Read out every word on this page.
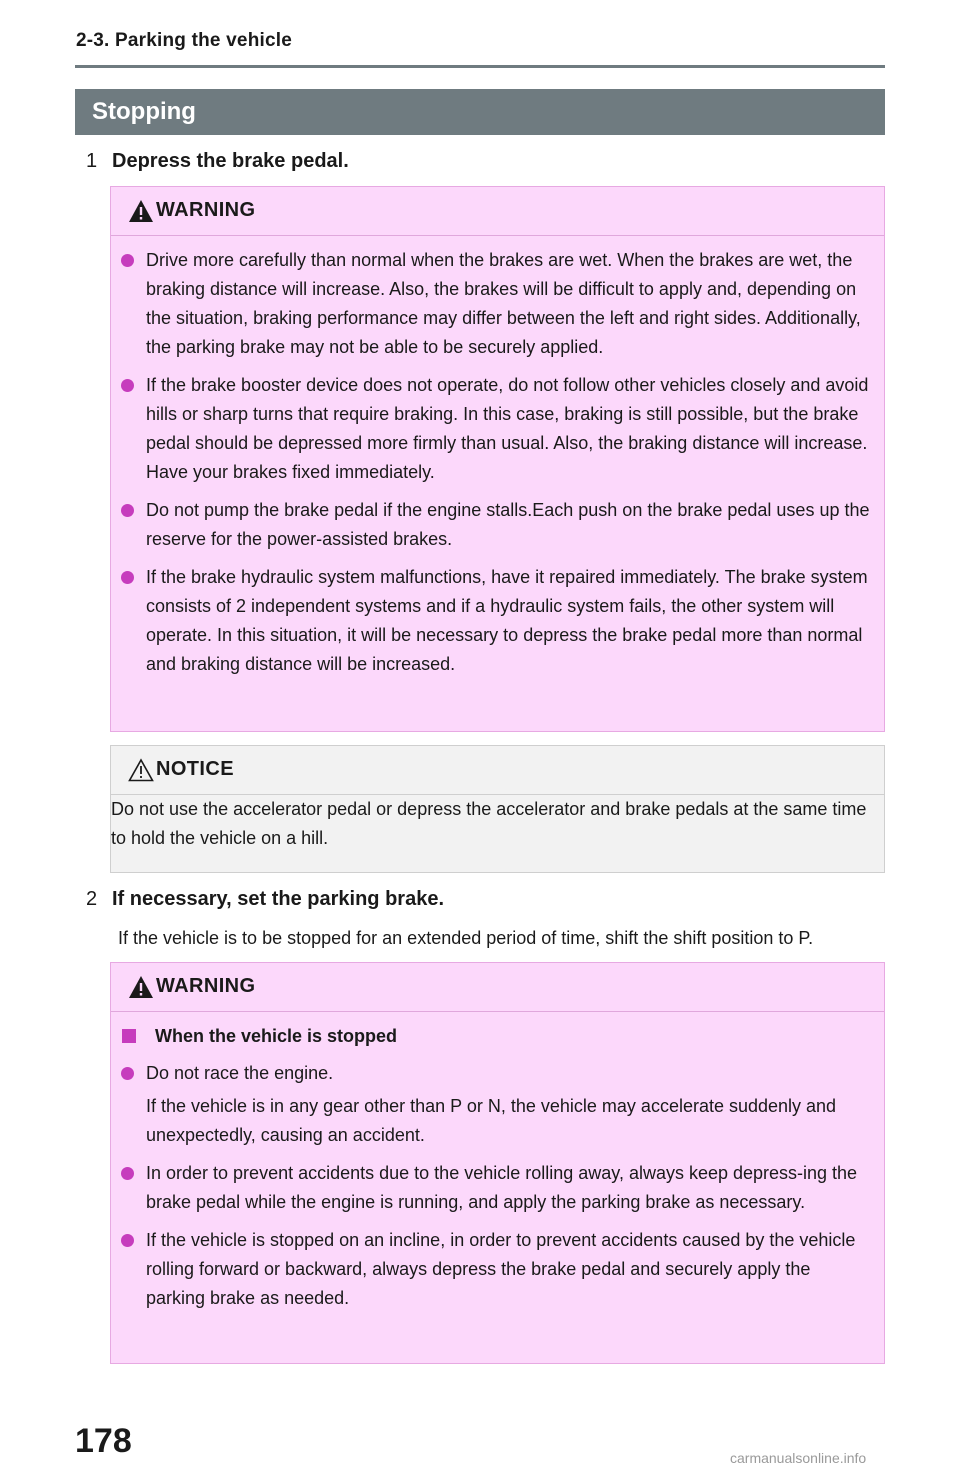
2-3. Parking the vehicle
Stopping
1 Depress the brake pedal.
WARNING
Drive more carefully than normal when the brakes are wet. When the brakes are wet, the braking distance will increase. Also, the brakes will be difficult to apply and, depending on the situation, braking performance may differ between the left and right sides. Additionally, the parking brake may not be able to be securely applied.
If the brake booster device does not operate, do not follow other vehicles closely and avoid hills or sharp turns that require braking. In this case, braking is still possible, but the brake pedal should be depressed more firmly than usual. Also, the braking distance will increase. Have your brakes fixed immediately.
Do not pump the brake pedal if the engine stalls.Each push on the brake pedal uses up the reserve for the power-assisted brakes.
If the brake hydraulic system malfunctions, have it repaired immediately. The brake system consists of 2 independent systems and if a hydraulic system fails, the other system will operate. In this situation, it will be necessary to depress the brake pedal more than normal and braking distance will be increased.
NOTICE
Do not use the accelerator pedal or depress the accelerator and brake pedals at the same time to hold the vehicle on a hill.
2 If necessary, set the parking brake.
If the vehicle is to be stopped for an extended period of time, shift the shift position to P.
WARNING
When the vehicle is stopped
Do not race the engine.
If the vehicle is in any gear other than P or N, the vehicle may accelerate suddenly and unexpectedly, causing an accident.
In order to prevent accidents due to the vehicle rolling away, always keep depress-ing the brake pedal while the engine is running, and apply the parking brake as necessary.
If the vehicle is stopped on an incline, in order to prevent accidents caused by the vehicle rolling forward or backward, always depress the brake pedal and securely apply the parking brake as needed.
178	carmanualsonline.info
